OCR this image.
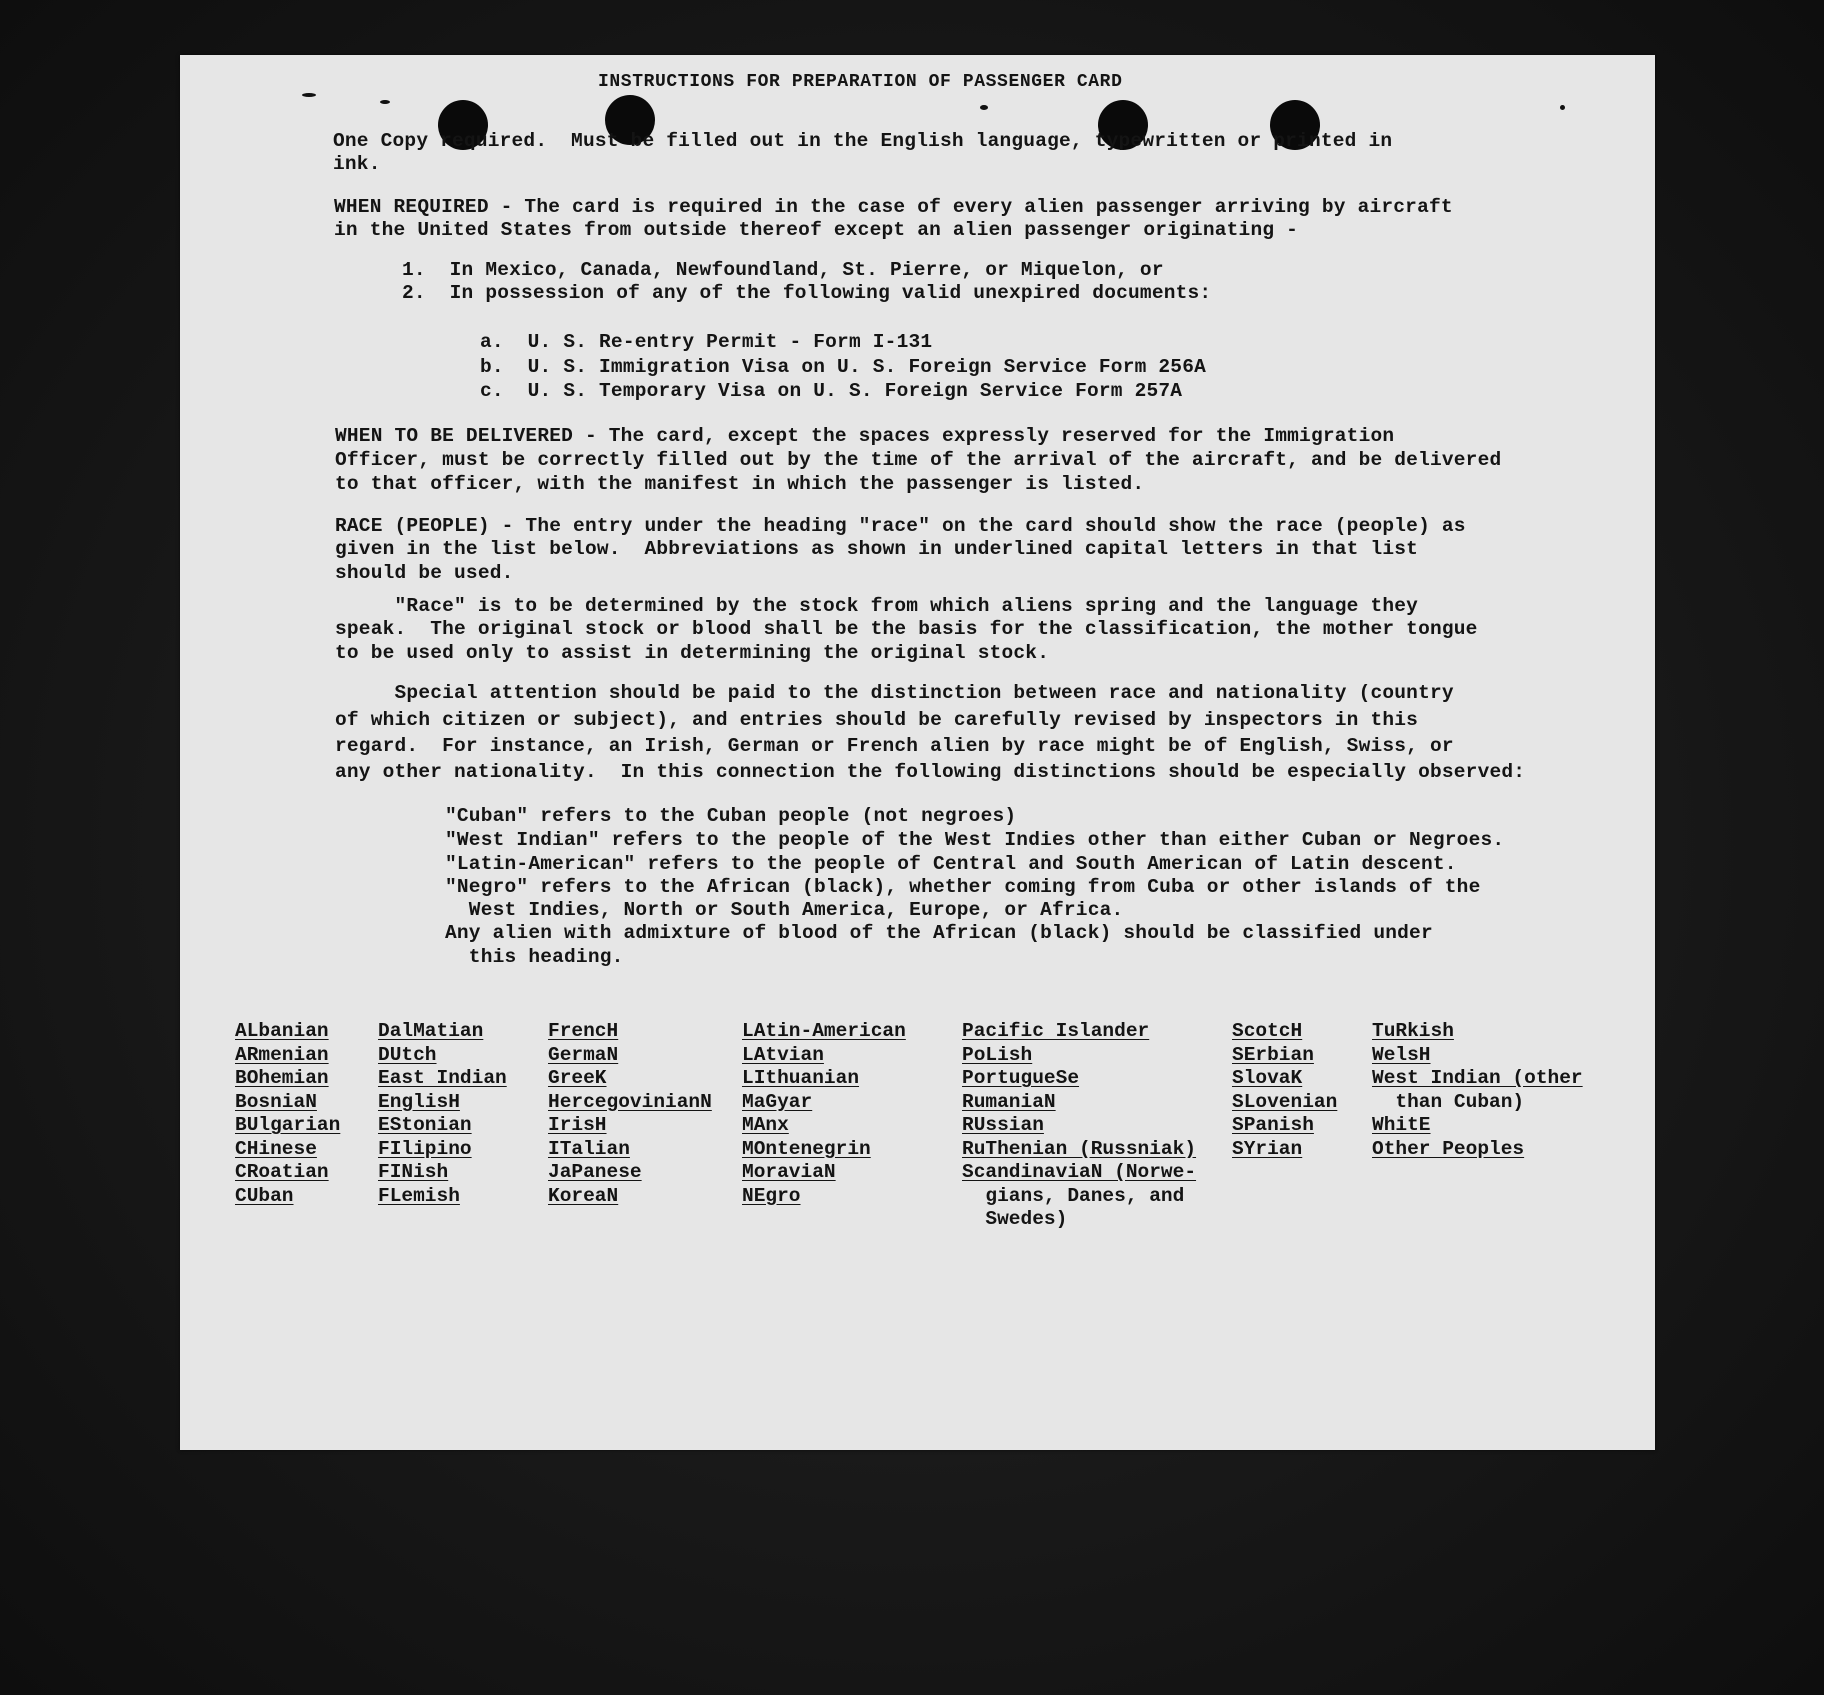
INSTRUCTIONS FOR PREPARATION OF PASSENGER CARD
One Copy required.  Must be filled out in the English language, typewritten or printed in
ink.
WHEN REQUIRED - The card is required in the case of every alien passenger arriving by aircraft
in the United States from outside thereof except an alien passenger originating -
1.  In Mexico, Canada, Newfoundland, St. Pierre, or Miquelon, or
2.  In possession of any of the following valid unexpired documents:
a.  U. S. Re-entry Permit - Form I-131
b.  U. S. Immigration Visa on U. S. Foreign Service Form 256A
c.  U. S. Temporary Visa on U. S. Foreign Service Form 257A
WHEN TO BE DELIVERED - The card, except the spaces expressly reserved for the Immigration
Officer, must be correctly filled out by the time of the arrival of the aircraft, and be delivered
to that officer, with the manifest in which the passenger is listed.
RACE (PEOPLE) - The entry under the heading "race" on the card should show the race (people) as
given in the list below.  Abbreviations as shown in underlined capital letters in that list
should be used.
"Race" is to be determined by the stock from which aliens spring and the language they
speak.  The original stock or blood shall be the basis for the classification, the mother tongue
to be used only to assist in determining the original stock.
Special attention should be paid to the distinction between race and nationality (country
of which citizen or subject), and entries should be carefully revised by inspectors in this
regard.  For instance, an Irish, German or French alien by race might be of English, Swiss, or
any other nationality.  In this connection the following distinctions should be especially observed:
"Cuban" refers to the Cuban people (not negroes)
"West Indian" refers to the people of the West Indies other than either Cuban or Negroes.
"Latin-American" refers to the people of Central and South American of Latin descent.
"Negro" refers to the African (black), whether coming from Cuba or other islands of the
West Indies, North or South America, Europe, or Africa.
Any alien with admixture of blood of the African (black) should be classified under
this heading.
ALbanian
ARmenian
BOhemian
BosniaN
BUlgarian
CHinese
CRoatian
CUban
DalMatian
DUtch
East Indian
EnglisH
EStonian
FIlipino
FINish
FLemish
FrencH
GermaN
GreeK
HercegovinianN
IrisH
ITalian
JaPanese
KoreaN
LAtin-American
LAtvian
LIthuanian
MaGyar
MAnx
MOntenegrin
MoraviaN
NEgro
Pacific Islander
PoLish
PortugueSe
RumaniaN
RUssian
RuThenian (Russniak)
ScandinaviaN (Norwe-
gians, Danes, and
Swedes)
ScotcH
SErbian
SlovaK
SLovenian
SPanish
SYrian
TuRkish
WelsH
West Indian (other
than Cuban)
WhitE
Other Peoples
